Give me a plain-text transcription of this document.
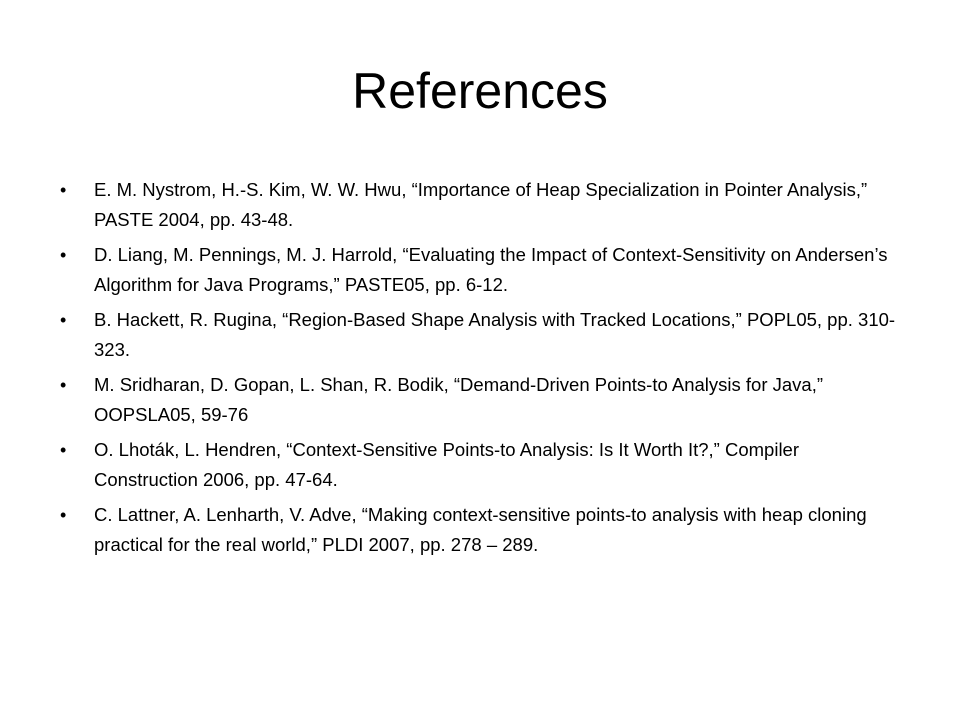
References
• E. M. Nystrom, H.-S. Kim, W. W. Hwu, “Importance of Heap Specialization in Pointer Analysis,” PASTE 2004, pp. 43-48.
• D. Liang, M. Pennings, M. J. Harrold, “Evaluating the Impact of Context-Sensitivity on Andersen’s Algorithm for Java Programs,” PASTE05, pp. 6-12.
• B. Hackett, R. Rugina, “Region-Based Shape Analysis with Tracked Locations,” POPL05, pp. 310-323.
• M. Sridharan, D. Gopan, L. Shan, R. Bodik, “Demand-Driven Points-to Analysis for Java,” OOPSLA05, 59-76
• O. Lhoták, L. Hendren, “Context-Sensitive Points-to Analysis: Is It Worth It?,” Compiler Construction 2006, pp. 47-64.
• C. Lattner, A. Lenharth, V. Adve, “Making context-sensitive points-to analysis with heap cloning practical for the real world,” PLDI 2007, pp. 278 – 289.
